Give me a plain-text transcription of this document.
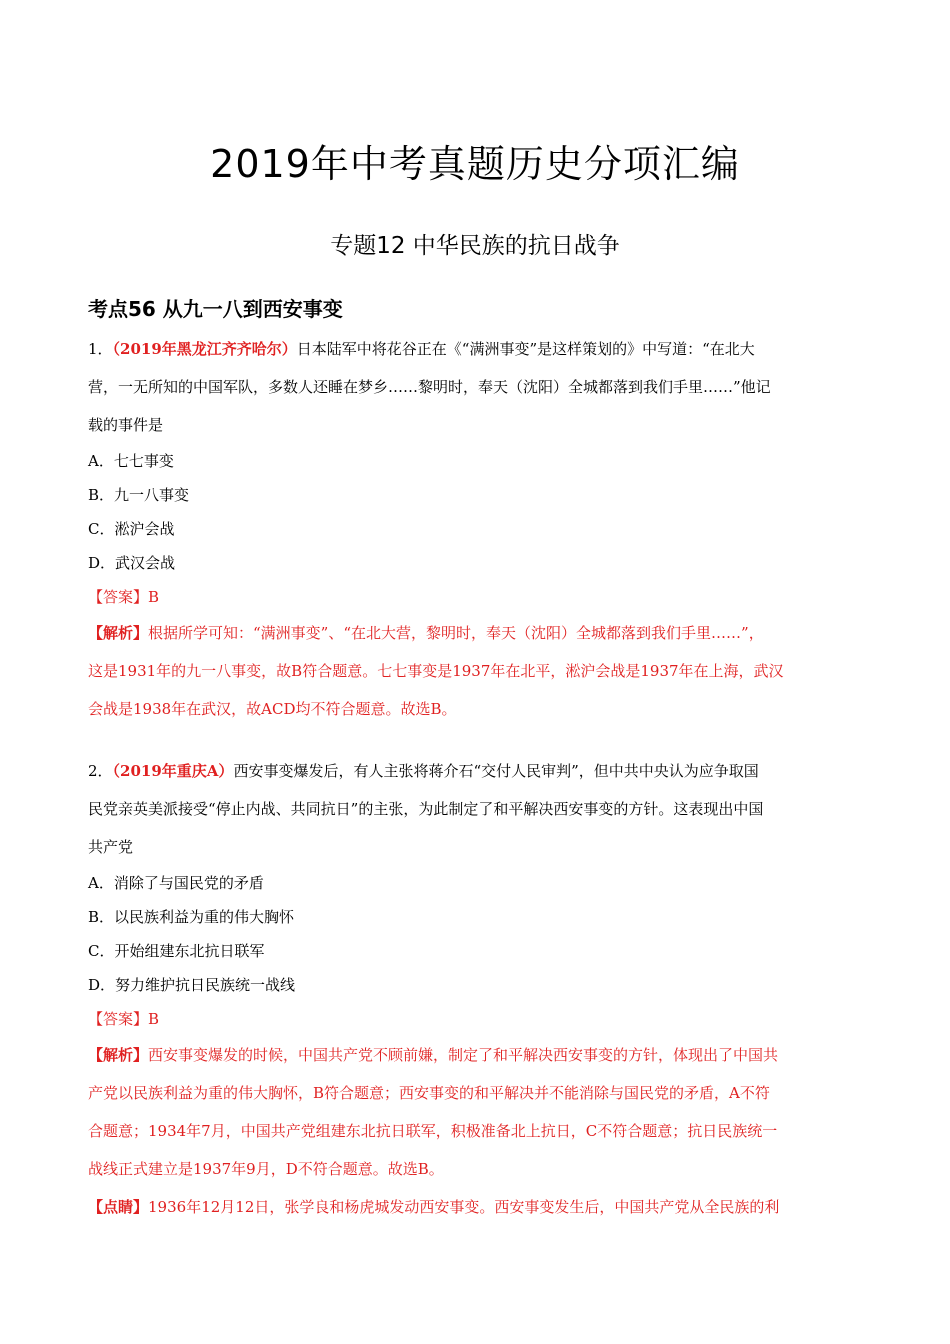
2019年中考真题历史分项汇编
专题12 中华民族的抗日战争
考点56 从九一八到西安事变
1．（2019年黑龙江齐齐哈尔）日本陆军中将花谷正在《“满洲事变”是这样策划的》中写道：“在北大
营，一无所知的中国军队，多数人还睡在梦乡……黎明时，奉天（沈阳）全城都落到我们手里……”他记
载的事件是
A．七七事变
B．九一八事变
C．淞沪会战
D．武汉会战
【答案】B
【解析】根据所学可知：“满洲事变”、“在北大营，黎明时，奉天（沈阳）全城都落到我们手里……”，
这是1931年的九一八事变，故B符合题意。七七事变是1937年在北平，淞沪会战是1937年在上海，武汉
会战是1938年在武汉，故ACD均不符合题意。故选B。
2．（2019年重庆A）西安事变爆发后，有人主张将蒋介石“交付人民审判”，但中共中央认为应争取国
民党亲英美派接受“停止内战、共同抗日”的主张，为此制定了和平解决西安事变的方针。这表现出中国
共产党
A．消除了与国民党的矛盾
B．以民族利益为重的伟大胸怀
C．开始组建东北抗日联军
D．努力维护抗日民族统一战线
【答案】B
【解析】西安事变爆发的时候，中国共产党不顾前嫌，制定了和平解决西安事变的方针，体现出了中国共
产党以民族利益为重的伟大胸怀，B符合题意；西安事变的和平解决并不能消除与国民党的矛盾，A不符
合题意；1934年7月，中国共产党组建东北抗日联军，积极准备北上抗日，C不符合题意；抗日民族统一
战线正式建立是1937年9月，D不符合题意。故选B。
【点睛】1936年12月12日，张学良和杨虎城发动西安事变。西安事变发生后，中国共产党从全民族的利
